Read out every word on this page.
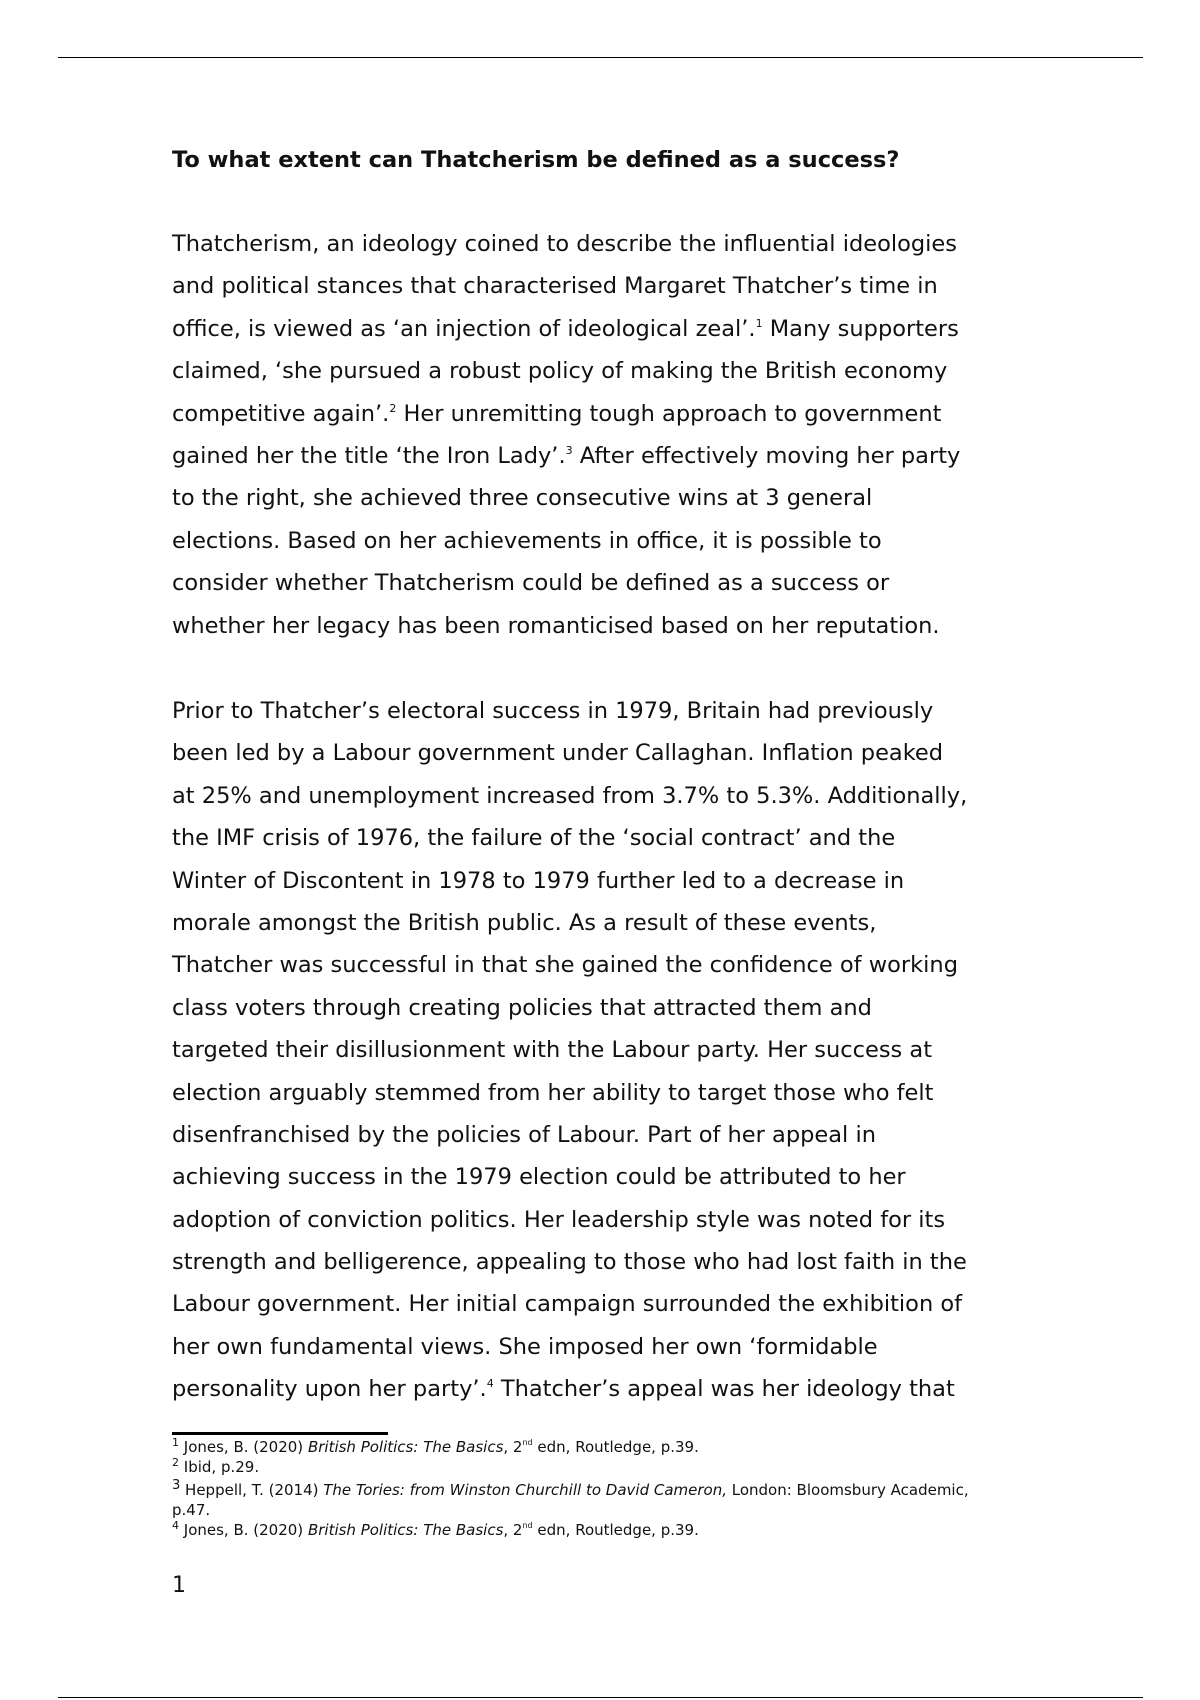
To what extent can Thatcherism be defined as a success?
Thatcherism, an ideology coined to describe the influential ideologies
and political stances that characterised Margaret Thatcher’s time in
office, is viewed as ‘an injection of ideological zeal’.$^1$ Many supporters
claimed, ‘she pursued a robust policy of making the British economy
competitive again’.$^2$ Her unremitting tough approach to government
gained her the title ‘the Iron Lady’.$^3$ After effectively moving her party
to the right, she achieved three consecutive wins at 3 general
elections. Based on her achievements in office, it is possible to
consider whether Thatcherism could be defined as a success or
whether her legacy has been romanticised based on her reputation.
Prior to Thatcher’s electoral success in 1979, Britain had previously
been led by a Labour government under Callaghan. Inflation peaked
at 25% and unemployment increased from 3.7% to 5.3%. Additionally,
the IMF crisis of 1976, the failure of the ‘social contract’ and the
Winter of Discontent in 1978 to 1979 further led to a decrease in
morale amongst the British public. As a result of these events,
Thatcher was successful in that she gained the confidence of working
class voters through creating policies that attracted them and
targeted their disillusionment with the Labour party. Her success at
election arguably stemmed from her ability to target those who felt
disenfranchised by the policies of Labour. Part of her appeal in
achieving success in the 1979 election could be attributed to her
adoption of conviction politics. Her leadership style was noted for its
strength and belligerence, appealing to those who had lost faith in the
Labour government. Her initial campaign surrounded the exhibition of
her own fundamental views. She imposed her own ‘formidable
personality upon her party’.$^4$ Thatcher’s appeal was her ideology that
$^1$ Jones, B. (2020) British Politics: The Basics, 2nd edn, Routledge, p.39.
$^2$ Ibid, p.29.
$^3$ Heppell, T. (2014) The Tories: from Winston Churchill to David Cameron, London: Bloomsbury Academic,
p.47.
$^4$ Jones, B. (2020) British Politics: The Basics, 2nd edn, Routledge, p.39.
1
